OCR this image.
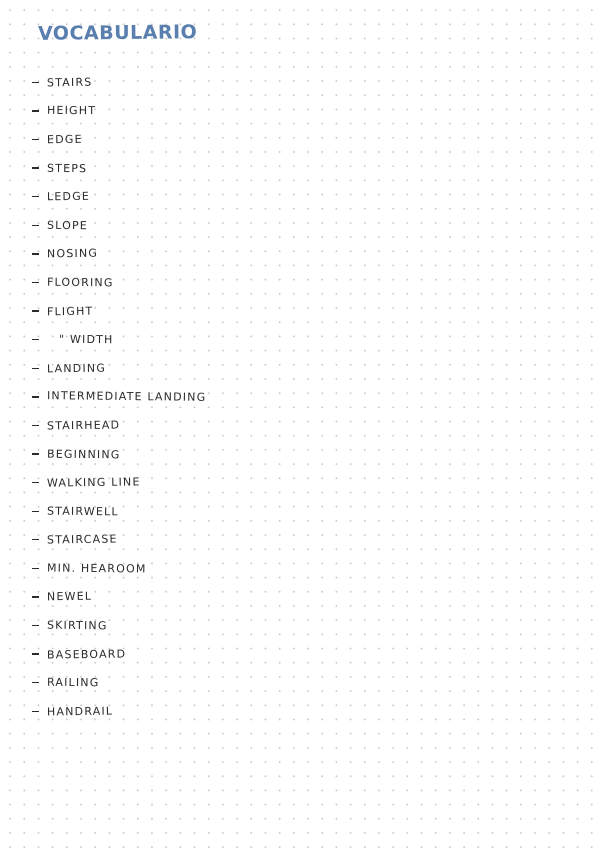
VOCABULARIO
STAIRS
HEIGHT
EDGE
STEPS
LEDGE
SLOPE
NOSING
FLOORING
FLIGHT
" WIDTH
LANDING
INTERMEDIATE LANDING
STAIRHEAD
BEGINNING
WALKING LINE
STAIRWELL
STAIRCASE
MIN. HEAROOM
NEWEL
SKIRTING
BASEBOARD
RAILING
HANDRAIL
